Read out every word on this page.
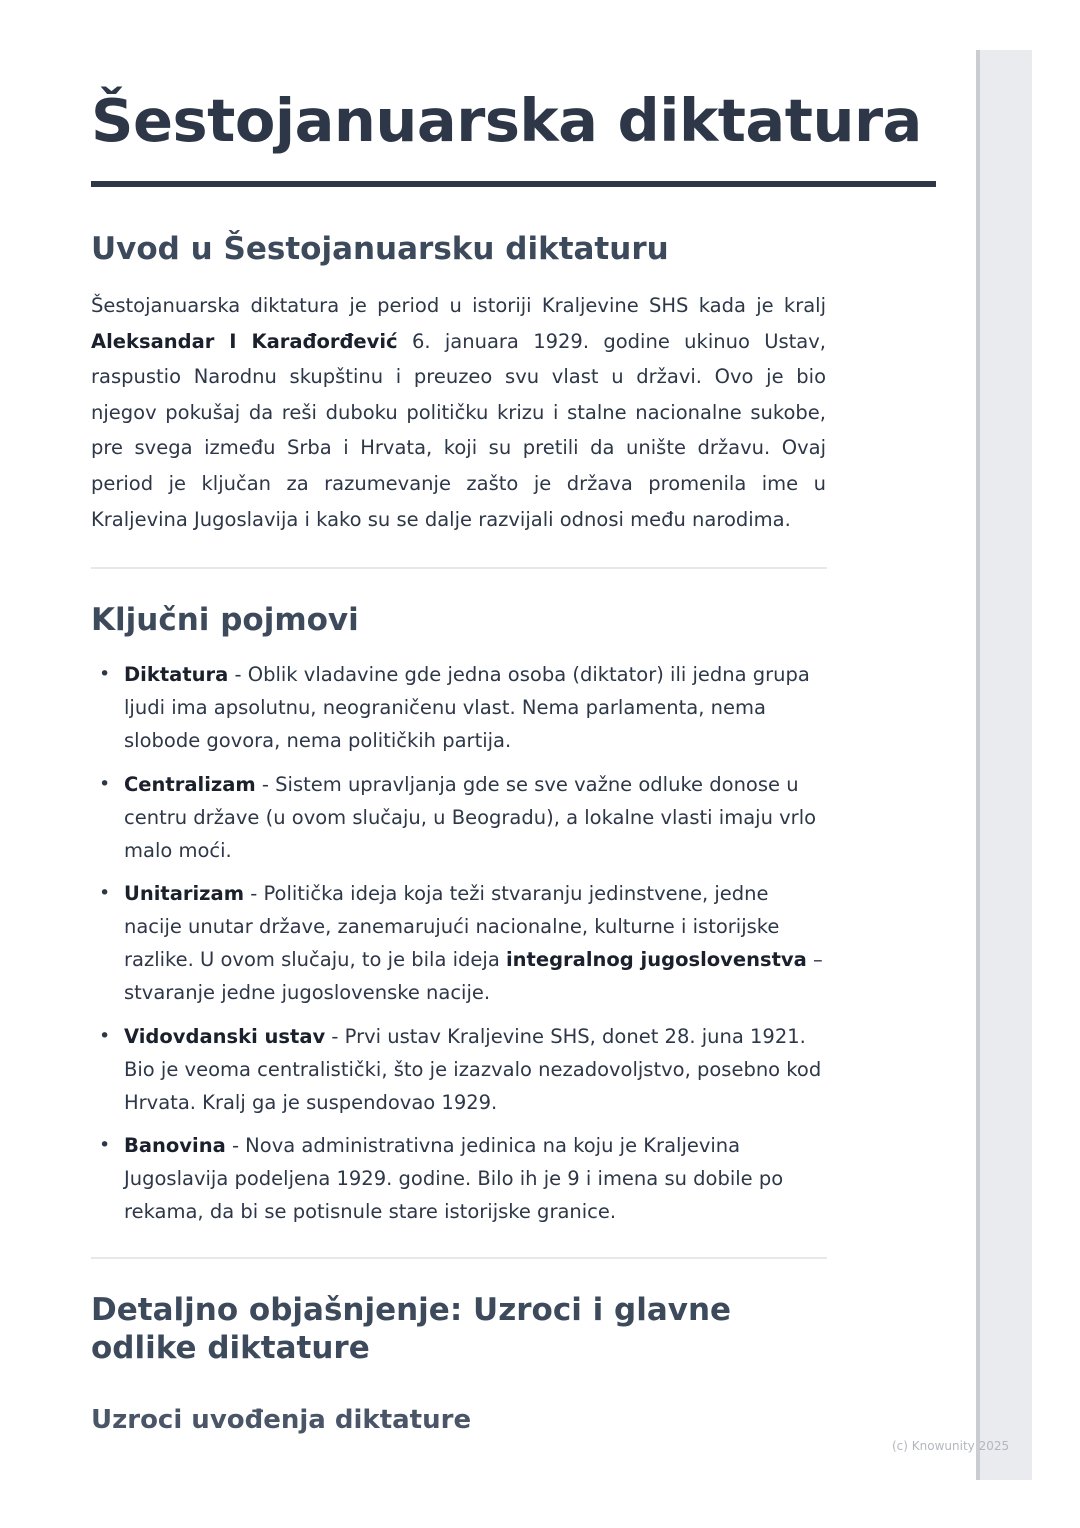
Šestojanuarska diktatura
Uvod u Šestojanuarsku diktaturu

Šestojanuarska diktatura je period u istoriji Kraljevine SHS kada je kralj Aleksandar I Karađorđević 6. januara 1929. godine ukinuo Ustav, raspustio Narodnu skupštinu i preuzeo svu vlast u državi. Ovo je bio njegov pokušaj da reši duboku političku krizu i stalne nacionalne sukobe, pre svega između Srba i Hrvata, koji su pretili da unište državu. Ovaj period je ključan za razumevanje zašto je država promenila ime u Kraljevina Jugoslavija i kako su se dalje razvijali odnosi među narodima.

Ključni pojmovi
• Diktatura - Oblik vladavine gde jedna osoba (diktator) ili jedna grupa ljudi ima apsolutnu, neograničenu vlast. Nema parlamenta, nema slobode govora, nema političkih partija.
• Centralizam - Sistem upravljanja gde se sve važne odluke donose u centru države (u ovom slučaju, u Beogradu), a lokalne vlasti imaju vrlo malo moći.
• Unitarizam - Politička ideja koja teži stvaranju jedinstvene, jedne nacije unutar države, zanemarujući nacionalne, kulturne i istorijske razlike. U ovom slučaju, to je bila ideja integralnog jugoslovenstva – stvaranje jedne jugoslovenske nacije.
• Vidovdanski ustav - Prvi ustav Kraljevine SHS, donet 28. juna 1921. Bio je veoma centralistički, što je izazvalo nezadovoljstvo, posebno kod Hrvata. Kralj ga je suspendovao 1929.
• Banovina - Nova administrativna jedinica na koju je Kraljevina Jugoslavija podeljena 1929. godine. Bilo ih je 9 i imena su dobile po rekama, da bi se potisnule stare istorijske granice.
Detaljno objašnjenje: Uzroci i glavne odlike diktature
Uzroci uvođenja diktature
(c) Knowunity 2025
